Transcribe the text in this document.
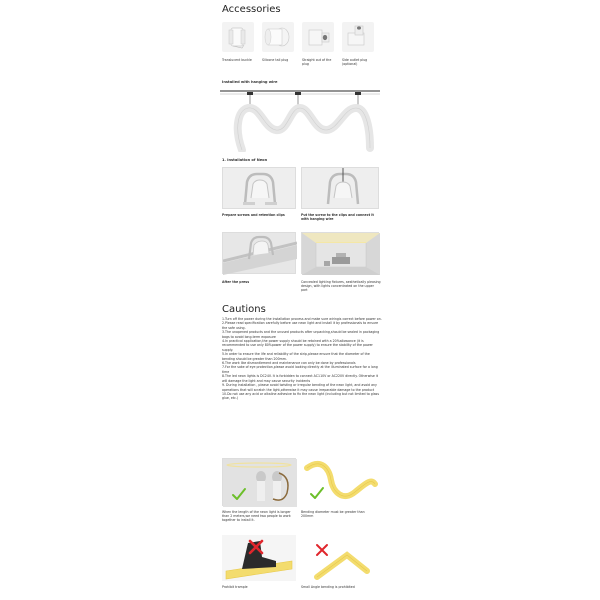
Accessories
Translucent buckle	Silicone tail plug	Straight out of the plug
Side outlet plug (optional)
Installed with hanging wire
1. Installation of Neon
Prepare screws and retention clips	Put the screw to the clips and connect it with hanging wire
After the press	Concealed lighting fixtures, aesthetically pleasing design, with lights concentrated on the upper part
Cautions
1.Turn off the power during the installation process and make sure wiringis correct before power on.
2.Please read specification carefully before use neon light and install it by professionals to ensure the safe using.
3.The unopened products and the unused products after unpacking,should be sealed in packaging bags to avoid long-term exposure
4.In practical application,the power supply should be retained with a 20%allowance (it is recommended to use only 80%power of the power supply) to ensure the stability of the power supply.
5.In order to ensure the life and reliability of the strip,please ensure that the diameter of the bending should be greater than 200mm.
6.The work like dismantlement and maintenance can only be done by professionals
7.For the sake of eye protection,please avoid looking directly at the illuminated surface for a long time
8.The led neon lights is DC24V. It is forbidden to connect AC110V or AC220V directly. Otherwise it will damage the light and may cause security incidents
9. During installation , please avoid twisting or irregular bending of the neon light, and avoid any operations that will scratch the light,otherwise it may cause irreparable damage to the product
10.Do not use any acid or alkaline adhesive to fix the neon light (including but not limited to glass glue, etc.)
When the length of the neon light is longer than 2 meters,we need two people to work together to install it.
Bending diameter must be greater than 200mm
Prohibit trample	Small Angle bending is prohibited
